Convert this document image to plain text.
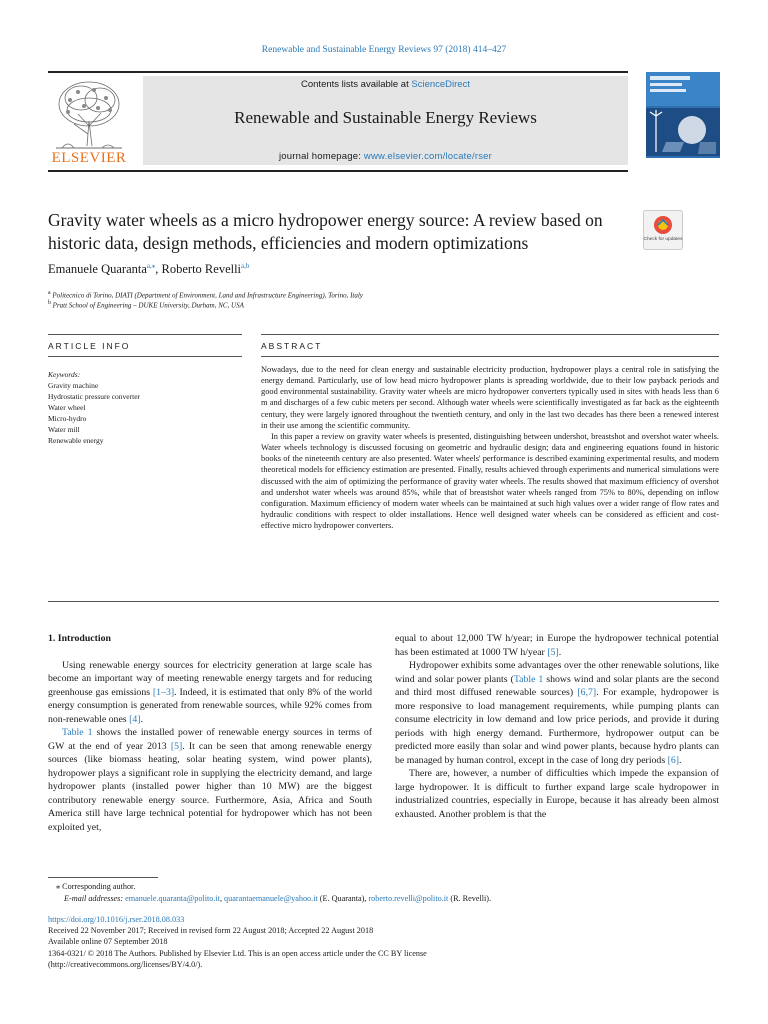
Renewable and Sustainable Energy Reviews 97 (2018) 414–427
ELSEVIER
Contents lists available at ScienceDirect
Renewable and Sustainable Energy Reviews
journal homepage: www.elsevier.com/locate/rser
Gravity water wheels as a micro hydropower energy source: A review based on historic data, design methods, efficiencies and modern optimizations	Check for updates
Emanuele Quaranta$^{a,⁎}$, Roberto Revelli$^{a,b}$
$^a$ Politecnico di Torino, DIATI (Department of Environment, Land and Infrastructure Engineering), Torino, Italy
$^b$ Pratt School of Engineering – DUKE University, Durham, NC, USA
ARTICLE INFO	ABSTRACT
Keywords:
Gravity machine
Hydrostatic pressure converter
Water wheel
Micro-hydro
Water mill
Renewable energy

Nowadays, due to the need for clean energy and sustainable electricity production, hydropower plays a central role in satisfying the energy demand. Particularly, use of low head micro hydropower plants is spreading worldwide, due to their low payback periods and good environmental sustainability. Gravity water wheels are micro hydropower converters typically used in sites with heads less than 6 m and discharges of a few cubic meters per second. Although water wheels were scientifically investigated as far back as the eighteenth century, they were largely ignored throughout the twentieth century, and only in the last two decades has there been a renewed interest in their use among the scientific community.

In this paper a review on gravity water wheels is presented, distinguishing between undershot, breastshot and overshot water wheels. Water wheels technology is discussed focusing on geometric and hydraulic design; data and engineering equations found in historic books of the nineteenth century are also presented. Water wheels' performance is described examining experimental results, and modern theoretical models for efficiency estimation are presented. Finally, results achieved through experiments and numerical simulations were discussed with the aim of optimizing the performance of gravity water wheels. The results showed that maximum efficiency of overshot and undershot water wheels was around 85%, while that of breastshot water wheels ranged from 75% to 80%, depending on inflow configuration. Maximum efficiency of modern water wheels can be maintained at such high values over a wider range of flow rates and hydraulic conditions with respect to older installations. Hence well designed water wheels can be considered as efficient and cost-effective micro hydropower converters.

1. Introduction

Using renewable energy sources for electricity generation at large scale has become an important way of meeting renewable energy targets and for reducing greenhouse gas emissions [1–3]. Indeed, it is estimated that only 8% of the world energy consumption is generated from renewable sources, while 92% comes from non-renewable ones [4].

Table 1 shows the installed power of renewable energy sources in terms of GW at the end of year 2013 [5]. It can be seen that among renewable energy sources (like biomass heating, solar heating system, wind power plants), hydropower plays a significant role in supplying the electricity demand, and large hydropower plants (installed power higher than 10 MW) are the biggest contributory renewable energy source. Furthermore, Asia, Africa and South America still have large technical potential for hydropower which has not been exploited yet,

equal to about 12,000 TW h/year; in Europe the hydropower technical potential has been estimated at 1000 TW h/year [5].

Hydropower exhibits some advantages over the other renewable solutions, like wind and solar power plants (Table 1 shows wind and solar plants are the second and third most diffused renewable sources) [6,7]. For example, hydropower is more responsive to load management requirements, while pumping plants can consume electricity in low demand and low price periods, and provide it during periods with high energy demand. Furthermore, hydropower output can be predicted more easily than solar and wind power plants, because hydro plants can be managed by human control, except in the case of long dry periods [6].

There are, however, a number of difficulties which impede the expansion of large hydropower. It is difficult to further expand large scale hydropower in industrialized countries, especially in Europe, because it has already been almost exhausted. Another problem is that the

⁎ Corresponding author.
E-mail addresses: emanuele.quaranta@polito.it, quarantaemanuele@yahoo.it (E. Quaranta), roberto.revelli@polito.it (R. Revelli).
https://doi.org/10.1016/j.rser.2018.08.033
Received 22 November 2017; Received in revised form 22 August 2018; Accepted 22 August 2018
Available online 07 September 2018
1364-0321/ © 2018 The Authors. Published by Elsevier Ltd. This is an open access article under the CC BY license
(http://creativecommons.org/licenses/BY/4.0/).
